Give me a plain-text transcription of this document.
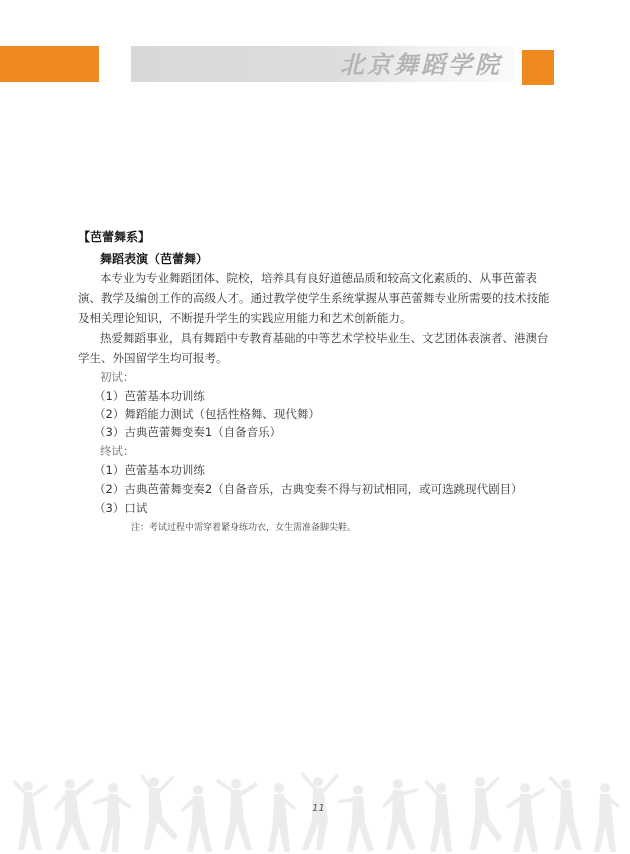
北京舞蹈学院
【芭蕾舞系】
舞蹈表演（芭蕾舞）
本专业为专业舞蹈团体、院校，培养具有良好道德品质和较高文化素质的、从事芭蕾表
演、教学及编创工作的高级人才。通过教学使学生系统掌握从事芭蕾舞专业所需要的技术技能
及相关理论知识，不断提升学生的实践应用能力和艺术创新能力。
热爱舞蹈事业，具有舞蹈中专教育基础的中等艺术学校毕业生、文艺团体表演者、港澳台
学生、外国留学生均可报考。
初试：
（1）芭蕾基本功训练
（2）舞蹈能力测试（包括性格舞、现代舞）
（3）古典芭蕾舞变奏1（自备音乐）
终试：
（1）芭蕾基本功训练
（2）古典芭蕾舞变奏2（自备音乐，古典变奏不得与初试相同，或可选跳现代剧目）
（3）口试
注：考试过程中需穿着紧身练功衣，女生需准备脚尖鞋。
11
